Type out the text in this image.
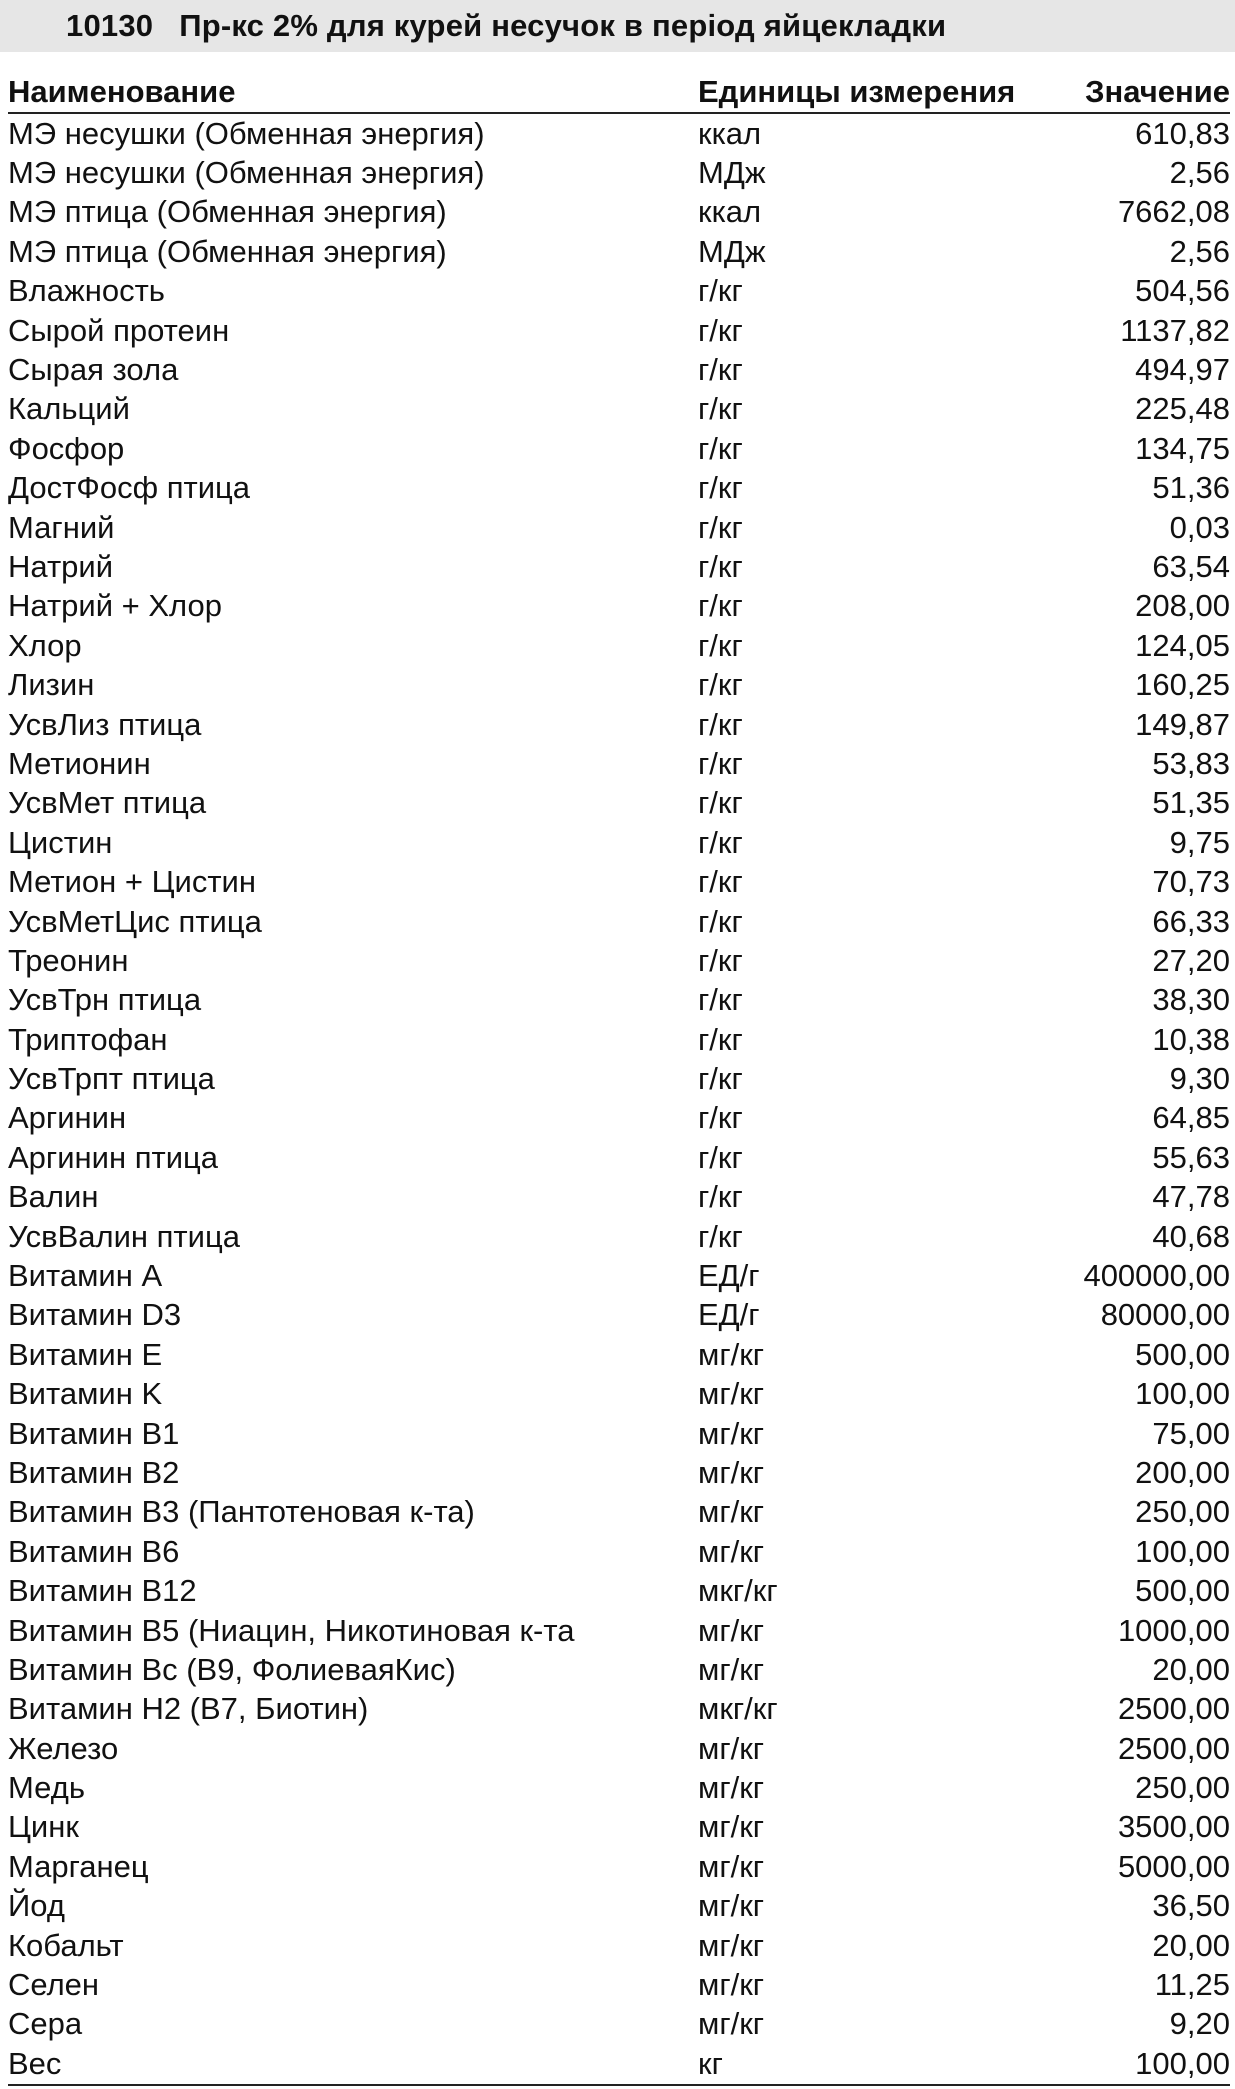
10130 Пр-кс 2% для курей несучок в період яйцекладки
Наименование	Единицы измерения	Значение
МЭ несушки (Обменная энергия)	ккал	610,83
МЭ несушки (Обменная энергия)	МДж	2,56
МЭ птица (Обменная энергия)	ккал	7662,08
МЭ птица (Обменная энергия)	МДж	2,56
Влажность	г/кг	504,56
Сырой протеин	г/кг	1137,82
Сырая зола	г/кг	494,97
Кальций	г/кг	225,48
Фосфор	г/кг	134,75
ДостФосф птица	г/кг	51,36
Магний	г/кг	0,03
Натрий	г/кг	63,54
Натрий + Хлор	г/кг	208,00
Хлор	г/кг	124,05
Лизин	г/кг	160,25
УсвЛиз птица	г/кг	149,87
Метионин	г/кг	53,83
УсвМет птица	г/кг	51,35
Цистин	г/кг	9,75
Метион + Цистин	г/кг	70,73
УсвМетЦис птица	г/кг	66,33
Треонин	г/кг	27,20
УсвТрн птица	г/кг	38,30
Триптофан	г/кг	10,38
УсвТрпт птица	г/кг	9,30
Аргинин	г/кг	64,85
Аргинин птица	г/кг	55,63
Валин	г/кг	47,78
УсвВалин птица	г/кг	40,68
Витамин A	ЕД/г	400000,00
Витамин D3	ЕД/г	80000,00
Витамин E	мг/кг	500,00
Витамин K	мг/кг	100,00
Витамин B1	мг/кг	75,00
Витамин B2	мг/кг	200,00
Витамин B3 (Пантотеновая к-та)	мг/кг	250,00
Витамин B6	мг/кг	100,00
Витамин B12	мкг/кг	500,00
Витамин B5 (Ниацин, Никотиновая к-та	мг/кг	1000,00
Витамин Bc (B9, ФолиеваяКис)	мг/кг	20,00
Витамин H2 (B7, Биотин)	мкг/кг	2500,00
Железо	мг/кг	2500,00
Медь	мг/кг	250,00
Цинк	мг/кг	3500,00
Марганец	мг/кг	5000,00
Йод	мг/кг	36,50
Кобальт	мг/кг	20,00
Селен	мг/кг	11,25
Сера	мг/кг	9,20
Вес	кг	100,00
